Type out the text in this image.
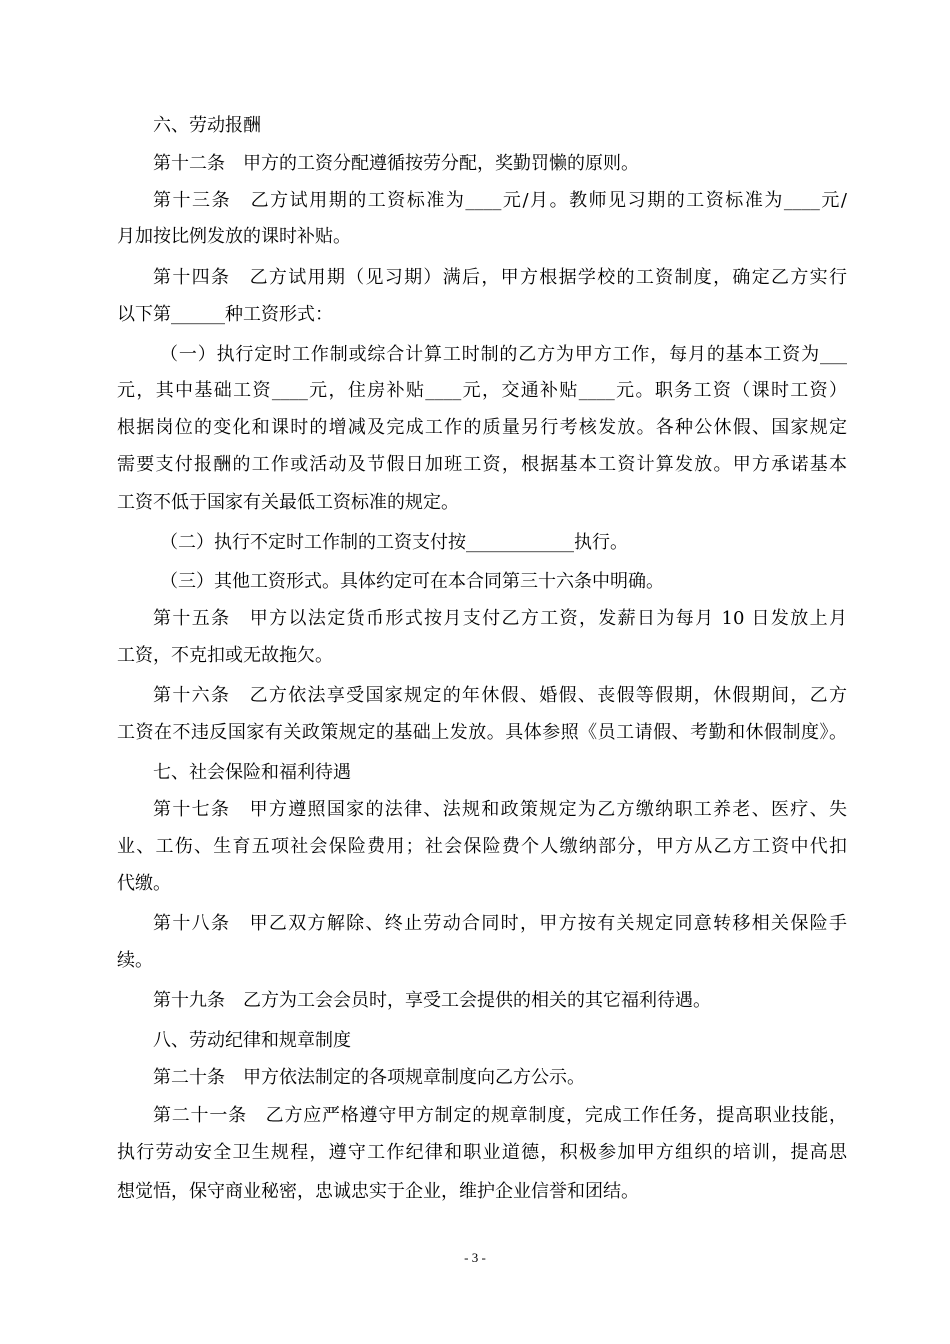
六、劳动报酬
第十二条　甲方的工资分配遵循按劳分配，奖勤罚懒的原则。
第十三条　乙方试用期的工资标准为____元/月。教师见习期的工资标准为____元/
月加按比例发放的课时补贴。
第十四条　乙方试用期（见习期）满后，甲方根据学校的工资制度，确定乙方实行
以下第______种工资形式：
（一）执行定时工作制或综合计算工时制的乙方为甲方工作，每月的基本工资为___
元，其中基础工资____元，住房补贴____元，交通补贴____元。职务工资（课时工资）
根据岗位的变化和课时的增减及完成工作的质量另行考核发放。各种公休假、国家规定
需要支付报酬的工作或活动及节假日加班工资，根据基本工资计算发放。甲方承诺基本
工资不低于国家有关最低工资标准的规定。
（二）执行不定时工作制的工资支付按____________执行。
（三）其他工资形式。具体约定可在本合同第三十六条中明确。
第十五条　甲方以法定货币形式按月支付乙方工资，发薪日为每月 10 日发放上月
工资，不克扣或无故拖欠。
第十六条　乙方依法享受国家规定的年休假、婚假、丧假等假期，休假期间，乙方
工资在不违反国家有关政策规定的基础上发放。具体参照《员工请假、考勤和休假制度》。
七、社会保险和福利待遇
第十七条　甲方遵照国家的法律、法规和政策规定为乙方缴纳职工养老、医疗、失
业、工伤、生育五项社会保险费用；社会保险费个人缴纳部分，甲方从乙方工资中代扣
代缴。
第十八条　甲乙双方解除、终止劳动合同时，甲方按有关规定同意转移相关保险手
续。
第十九条　乙方为工会会员时，享受工会提供的相关的其它福利待遇。
八、劳动纪律和规章制度
第二十条　甲方依法制定的各项规章制度向乙方公示。
第二十一条　乙方应严格遵守甲方制定的规章制度，完成工作任务，提高职业技能，
执行劳动安全卫生规程，遵守工作纪律和职业道德，积极参加甲方组织的培训，提高思
想觉悟，保守商业秘密，忠诚忠实于企业，维护企业信誉和团结。
- 3 -
